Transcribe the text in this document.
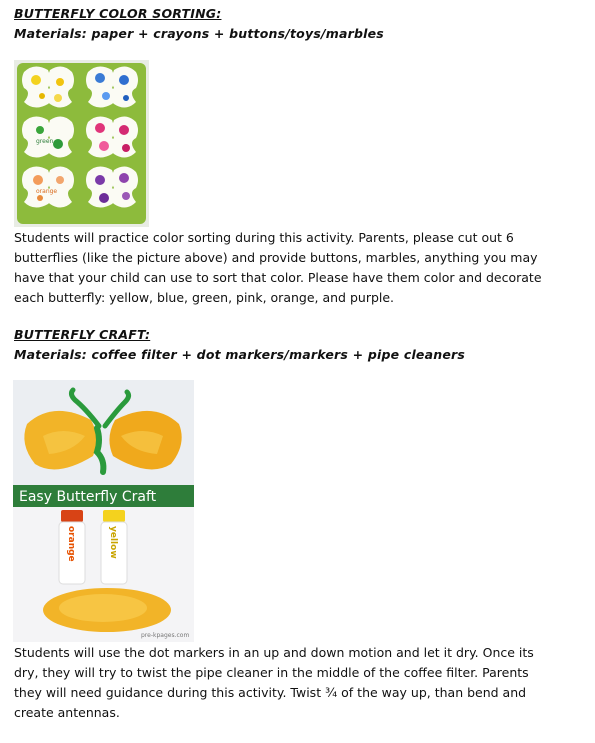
BUTTERFLY COLOR SORTING:
Materials: paper + crayons + buttons/toys/marbles
green
orange

Students will practice color sorting during this activity. Parents, please cut out 6 butterflies (like the picture above) and provide buttons, marbles, anything you may have that your child can use to sort that color. Please have them color and decorate each butterfly: yellow, blue, green, pink, orange, and purple.

BUTTERFLY CRAFT:
Materials: coffee filter + dot markers/markers + pipe cleaners
Easy Butterfly Craft
orange	yellow
pre-kpages.com

Students will use the dot markers in an up and down motion and let it dry. Once its dry, they will try to twist the pipe cleaner in the middle of the coffee filter. Parents they will need guidance during this activity. Twist ¾ of the way up, than bend and create antennas.
